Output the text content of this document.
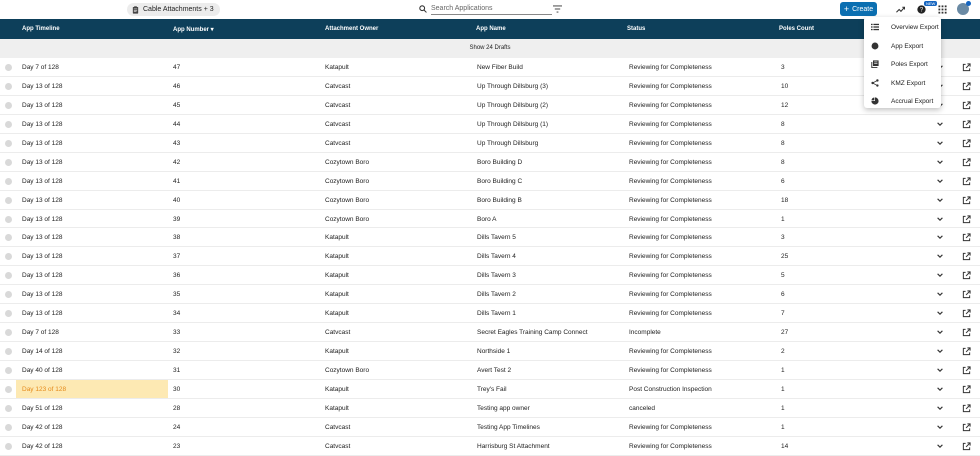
Cable Attachments + 3	Search Applications	+ Create	?
NEW
App Timeline	App Number ▾	Attachment Owner	App Name	Status	Poles Count
Show 24 Drafts
Day 7 of 128	47	Katapult	New Fiber Build	Reviewing for Completeness	3
Day 13 of 128	46	Catvcast	Up Through Dillsburg (3)	Reviewing for Completeness	10
Day 13 of 128	45	Catvcast	Up Through Dillsburg (2)	Reviewing for Completeness	12
Day 13 of 128	44	Catvcast	Up Through Dillsburg (1)	Reviewing for Completeness	8
Day 13 of 128	43	Catvcast	Up Through Dillsburg	Reviewing for Completeness	8
Day 13 of 128	42	Cozytown Boro	Boro Building D	Reviewing for Completeness	8
Day 13 of 128	41	Cozytown Boro	Boro Building C	Reviewing for Completeness	6
Day 13 of 128	40	Cozytown Boro	Boro Building B	Reviewing for Completeness	18
Day 13 of 128	39	Cozytown Boro	Boro A	Reviewing for Completeness	1
Day 13 of 128	38	Katapult	Dills Tavern 5	Reviewing for Completeness	3
Day 13 of 128	37	Katapult	Dills Tavern 4	Reviewing for Completeness	25
Day 13 of 128	36	Katapult	Dills Tavern 3	Reviewing for Completeness	5
Day 13 of 128	35	Katapult	Dills Tavern 2	Reviewing for Completeness	6
Day 13 of 128	34	Katapult	Dills Tavern 1	Reviewing for Completeness	7
Day 7 of 128	33	Catvcast	Secret Eagles Training Camp Connect	Incomplete	27
Day 14 of 128	32	Katapult	Northside 1	Reviewing for Completeness	2
Day 40 of 128	31	Cozytown Boro	Avert Test 2	Reviewing for Completeness	1
Day 123 of 128	30	Katapult	Trey's Fail	Post Construction Inspection	1
Day 51 of 128	28	Katapult	Testing app owner	canceled	1
Day 42 of 128	24	Catvcast	Testing App Timelines	Reviewing for Completeness	1
Day 42 of 128	23	Catvcast	Harrisburg St Attachment	Reviewing for Completeness	14
Overview Export
App Export
Poles Export
KMZ Export
Accrual Export
